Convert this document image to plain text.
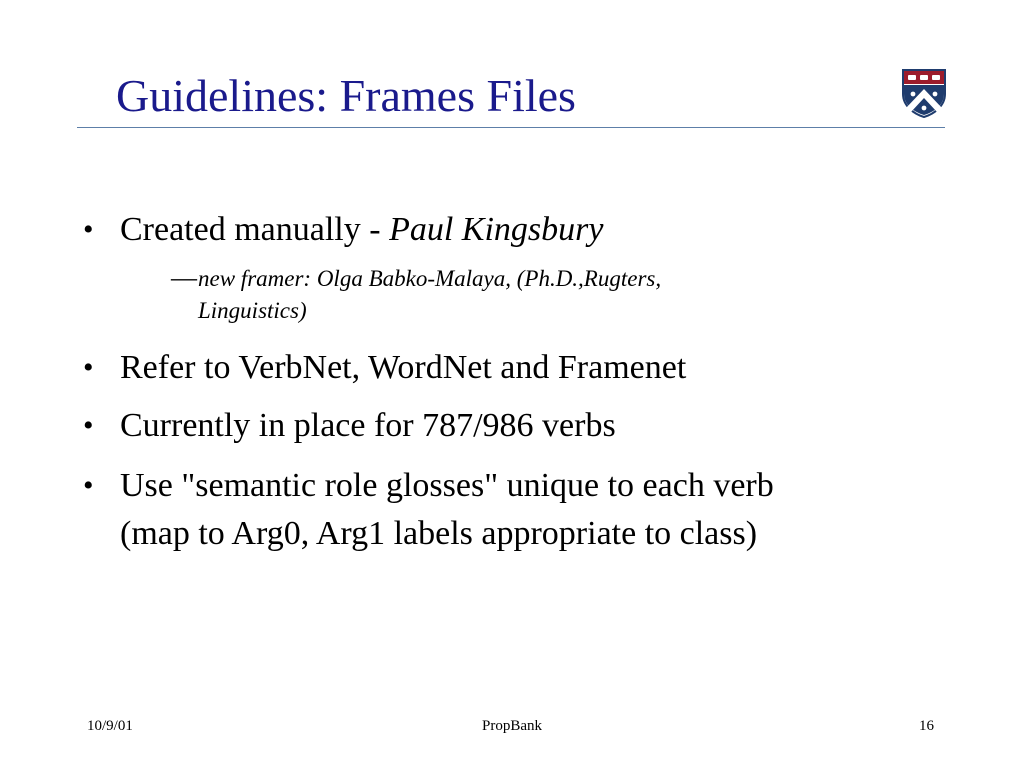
Guidelines: Frames Files
• Created manually - Paul Kingsbury
— new framer: Olga Babko-Malaya, (Ph.D.,Rugters,
Linguistics)
• Refer to VerbNet, WordNet and Framenet
• Currently in place for 787/986 verbs
• Use "semantic role glosses" unique to each verb
(map to Arg0, Arg1 labels appropriate to class)
10/9/01	PropBank	16
